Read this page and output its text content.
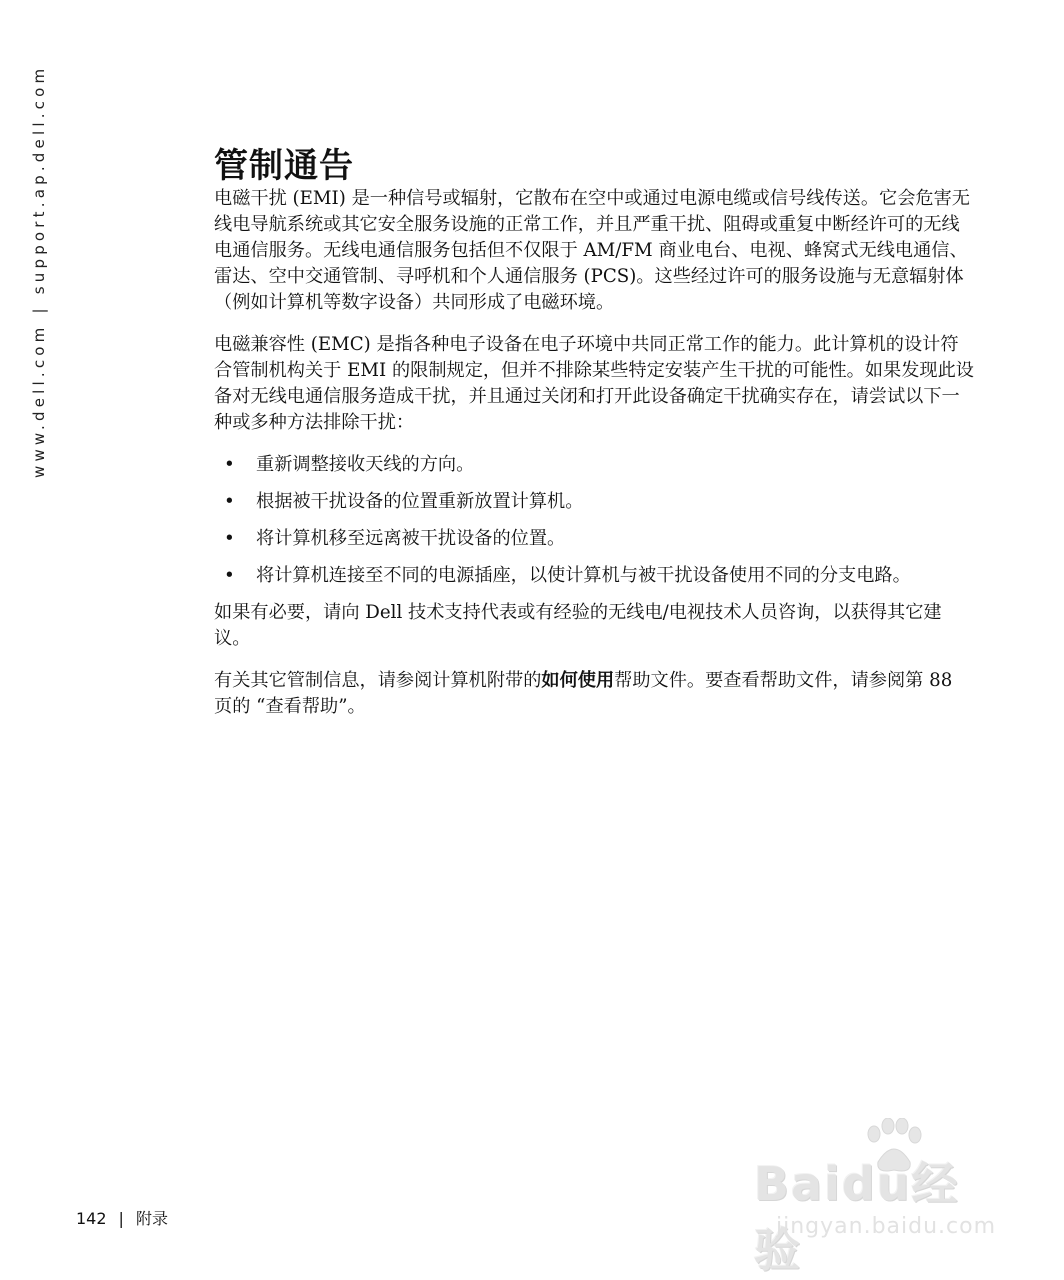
www.dell.com|support.ap.dell.com	管制通告

电磁干扰 (EMI) 是一种信号或辐射，它散布在空中或通过电源电缆或信号线传送。它会危害无线电导航系统或其它安全服务设施的正常工作，并且严重干扰、阻碍或重复中断经许可的无线电通信服务。无线电通信服务包括但不仅限于 AM/FM 商业电台、电视、蜂窝式无线电通信、雷达、空中交通管制、寻呼机和个人通信服务 (PCS)。这些经过许可的服务设施与无意辐射体 （例如计算机等数字设备）共同形成了电磁环境。

电磁兼容性 (EMC) 是指各种电子设备在电子环境中共同正常工作的能力。此计算机的设计符合管制机构关于 EMI 的限制规定，但并不排除某些特定安装产生干扰的可能性。如果发现此设备对无线电通信服务造成干扰，并且通过关闭和打开此设备确定干扰确实存在，请尝试以下一种或多种方法排除干扰：

• 重新调整接收天线的方向。
• 根据被干扰设备的位置重新放置计算机。
• 将计算机移至远离被干扰设备的位置。
• 将计算机连接至不同的电源插座，以使计算机与被干扰设备使用不同的分支电路。

如果有必要，请向 Dell 技术支持代表或有经验的无线电/电视技术人员咨询，以获得其它建议。

有关其它管制信息，请参阅计算机附带的如何使用帮助文件。要查看帮助文件，请参阅第 88 页的 “查看帮助”。

142 | 附录
Baidu经验
jingyan.baidu.com
